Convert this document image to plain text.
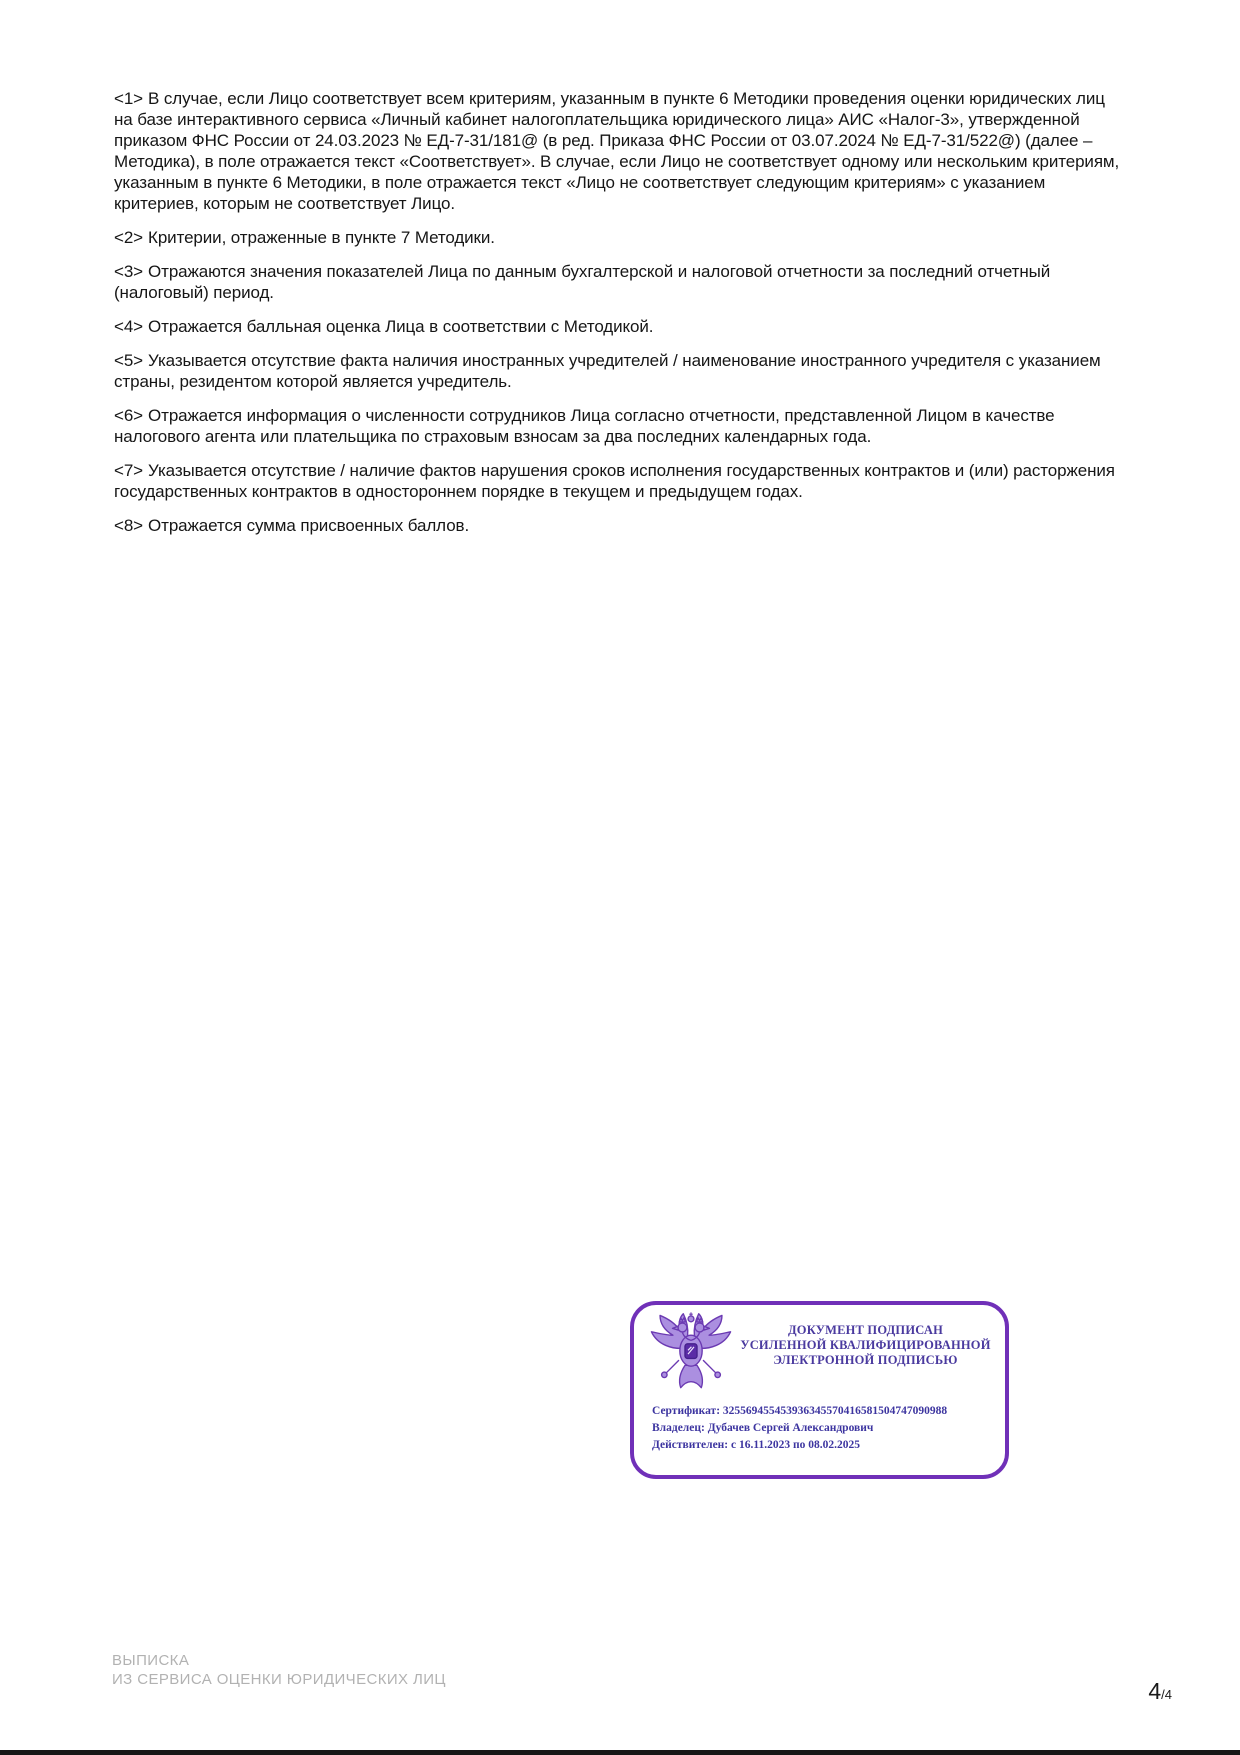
<1> В случае, если Лицо соответствует всем критериям, указанным в пункте 6 Методики проведения оценки юридических лиц на базе интерактивного сервиса «Личный кабинет налогоплательщика юридического лица» АИС «Налог-3», утвержденной приказом ФНС России от 24.03.2023 № ЕД-7-31/181@ (в ред. Приказа ФНС России от 03.07.2024 № ЕД-7-31/522@) (далее – Методика), в поле отражается текст «Соответствует». В случае, если Лицо не соответствует одному или нескольким критериям, указанным в пункте 6 Методики, в поле отражается текст «Лицо не соответствует следующим критериям» с указанием критериев, которым не соответствует Лицо.

<2> Критерии, отраженные в пункте 7 Методики.

<3> Отражаются значения показателей Лица по данным бухгалтерской и налоговой отчетности за последний отчетный (налоговый) период.

<4> Отражается балльная оценка Лица в соответствии с Методикой.

<5> Указывается отсутствие факта наличия иностранных учредителей / наименование иностранного учредителя с указанием страны, резидентом которой является учредитель.

<6> Отражается информация о численности сотрудников Лица согласно отчетности, представленной Лицом в качестве налогового агента или плательщика по страховым взносам за два последних календарных года.

<7> Указывается отсутствие / наличие фактов нарушения сроков исполнения государственных контрактов и (или) расторжения государственных контрактов в одностороннем порядке в текущем и предыдущем годах.

<8> Отражается сумма присвоенных баллов.

ДОКУМЕНТ ПОДПИСАН
УСИЛЕННОЙ КВАЛИФИЦИРОВАННОЙ
ЭЛЕКТРОННОЙ ПОДПИСЬЮ
Сертификат: 325569455453936345570416581504747090988
Владелец: Дубачев Сергей Александрович
Действителен: с 16.11.2023 по 08.02.2025
ВЫПИСКА
ИЗ СЕРВИСА ОЦЕНКИ ЮРИДИЧЕСКИХ ЛИЦ	4/4
